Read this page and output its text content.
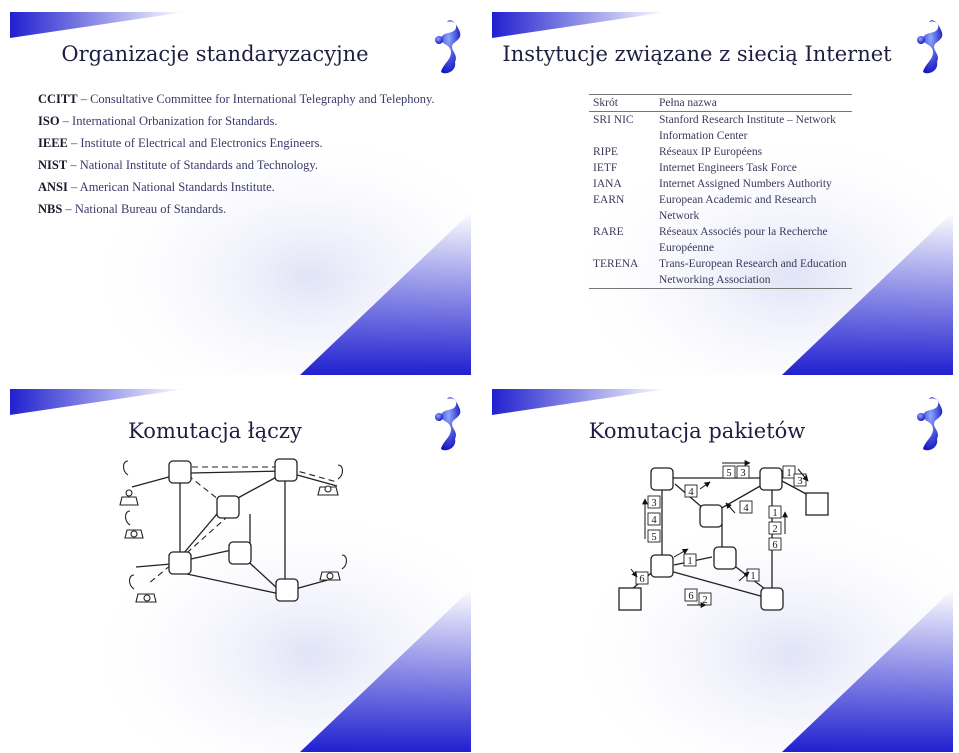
Organizacje standaryzacyjne
CCITT – Consultative Committee for International Telegraphy and Telephony.
ISO – International Orbanization for Standards.
IEEE – Institute of Electrical and Electronics Engineers.
NIST – National Institute of Standards and Technology.
ANSI – American National Standards Institute.
NBS – National Bureau of Standards.
Instytucje związane z siecią Internet
Skrót	Pełna nazwa
SRI NIC	Stanford Research Institute – Network Information Center
RIPE	Réseaux IP Européens
IETF	Internet Engineers Task Force
IANA	Internet Assigned Numbers Authority
EARN	European Academic and Research Network
RARE	Réseaux Associés pour la Recherche Européenne
TERENA	Trans-European Research and Education Networking Association
Komutacja łączy	Komutacja pakietów
5 3	1
3
4
3
4
5
4 1
2
6
1
1
6
6 2
